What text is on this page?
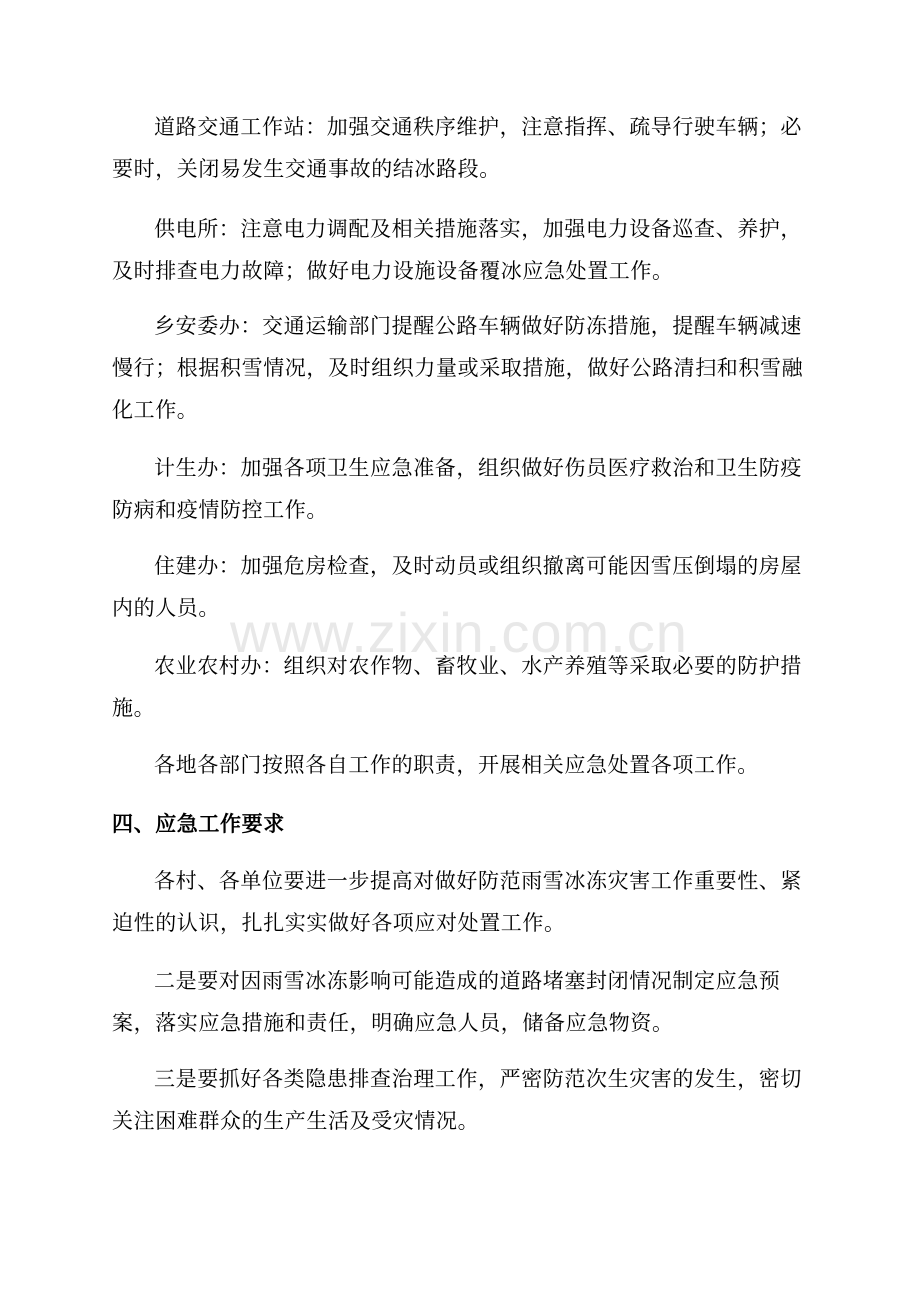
道路交通工作站：加强交通秩序维护，注意指挥、疏导行驶车辆；必要时，关闭易发生交通事故的结冰路段。

供电所：注意电力调配及相关措施落实，加强电力设备巡查、养护，及时排查电力故障；做好电力设施设备覆冰应急处置工作。

乡安委办：交通运输部门提醒公路车辆做好防冻措施，提醒车辆减速慢行；根据积雪情况，及时组织力量或采取措施，做好公路清扫和积雪融化工作。

计生办：加强各项卫生应急准备，组织做好伤员医疗救治和卫生防疫防病和疫情防控工作。

住建办：加强危房检查，及时动员或组织撤离可能因雪压倒塌的房屋内的人员。

农业农村办：组织对农作物、畜牧业、水产养殖等采取必要的防护措施。

各地各部门按照各自工作的职责，开展相关应急处置各项工作。

四、应急工作要求

各村、各单位要进一步提高对做好防范雨雪冰冻灾害工作重要性、紧迫性的认识，扎扎实实做好各项应对处置工作。

二是要对因雨雪冰冻影响可能造成的道路堵塞封闭情况制定应急预案，落实应急措施和责任，明确应急人员，储备应急物资。

三是要抓好各类隐患排查治理工作，严密防范次生灾害的发生，密切关注困难群众的生产生活及受灾情况。

www.zixin.com.cn
